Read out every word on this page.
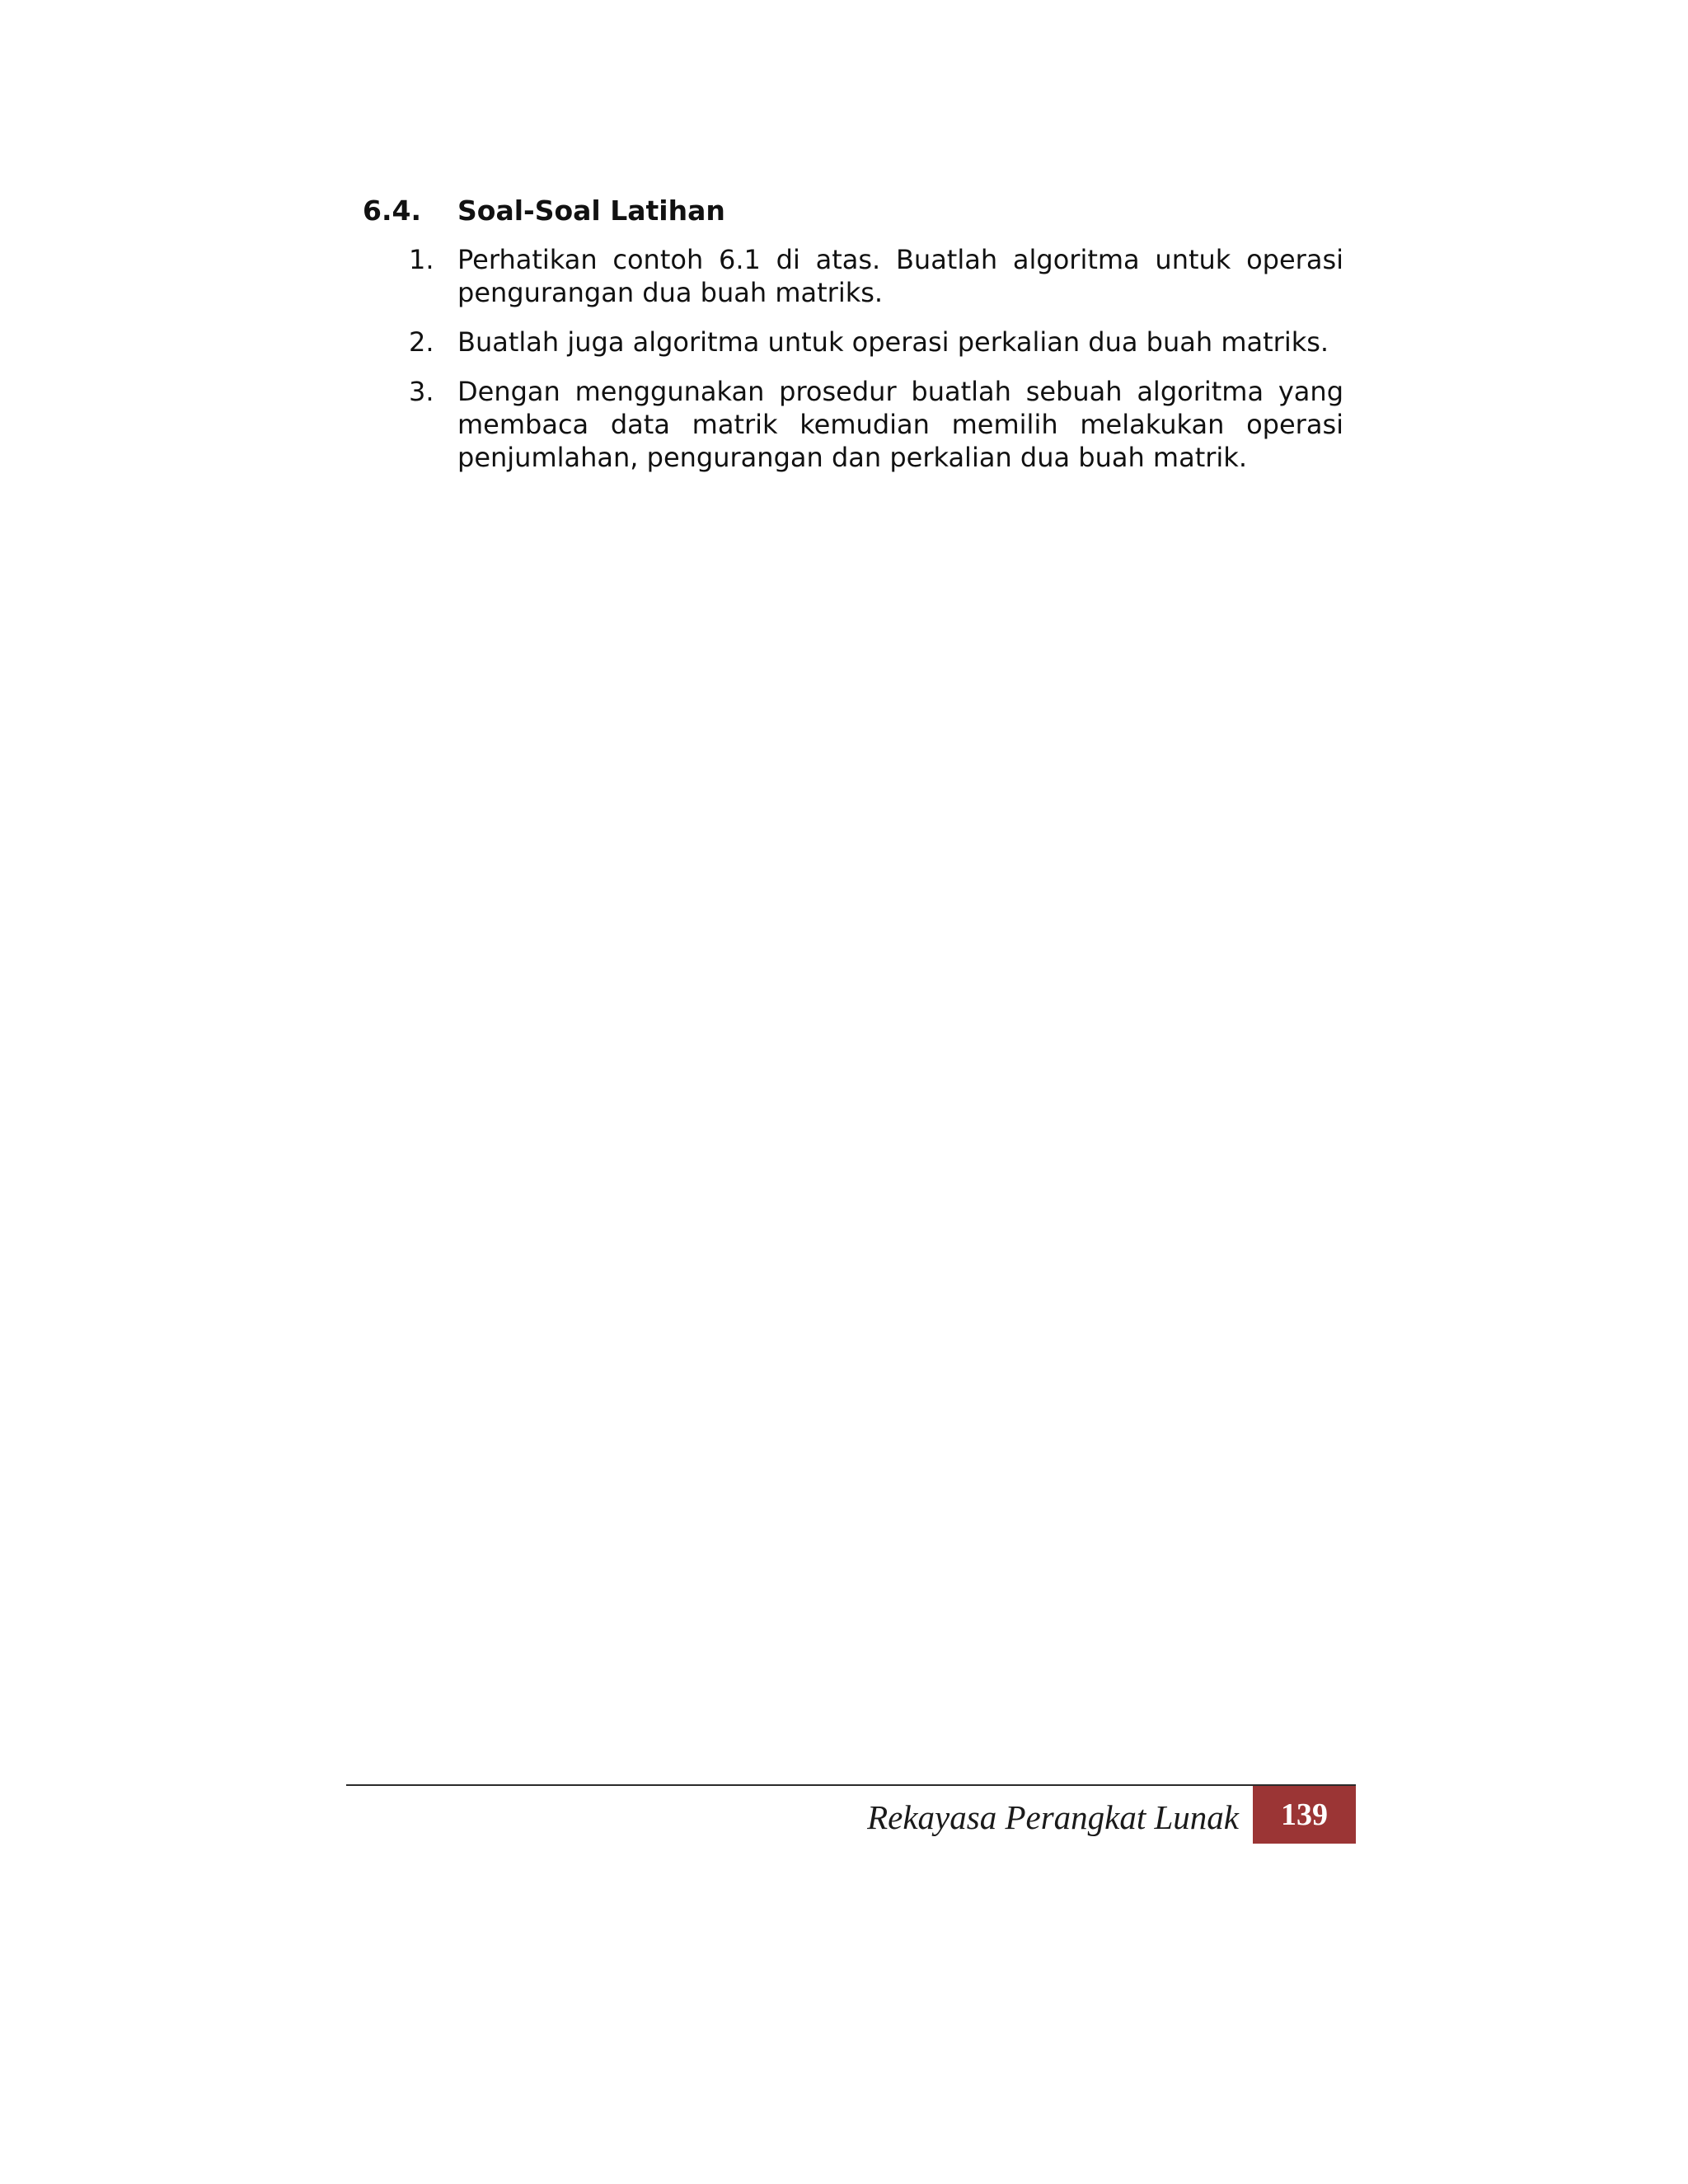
6.4. Soal-Soal Latihan
1. Perhatikan contoh 6.1 di atas. Buatlah algoritma untuk operasi pengurangan dua buah matriks.
2. Buatlah juga algoritma untuk operasi perkalian dua buah matriks.
3. Dengan menggunakan prosedur buatlah sebuah algoritma yang membaca data matrik kemudian memilih melakukan operasi penjumlahan, pengurangan dan perkalian dua buah matrik.
Rekayasa Perangkat Lunak	139
